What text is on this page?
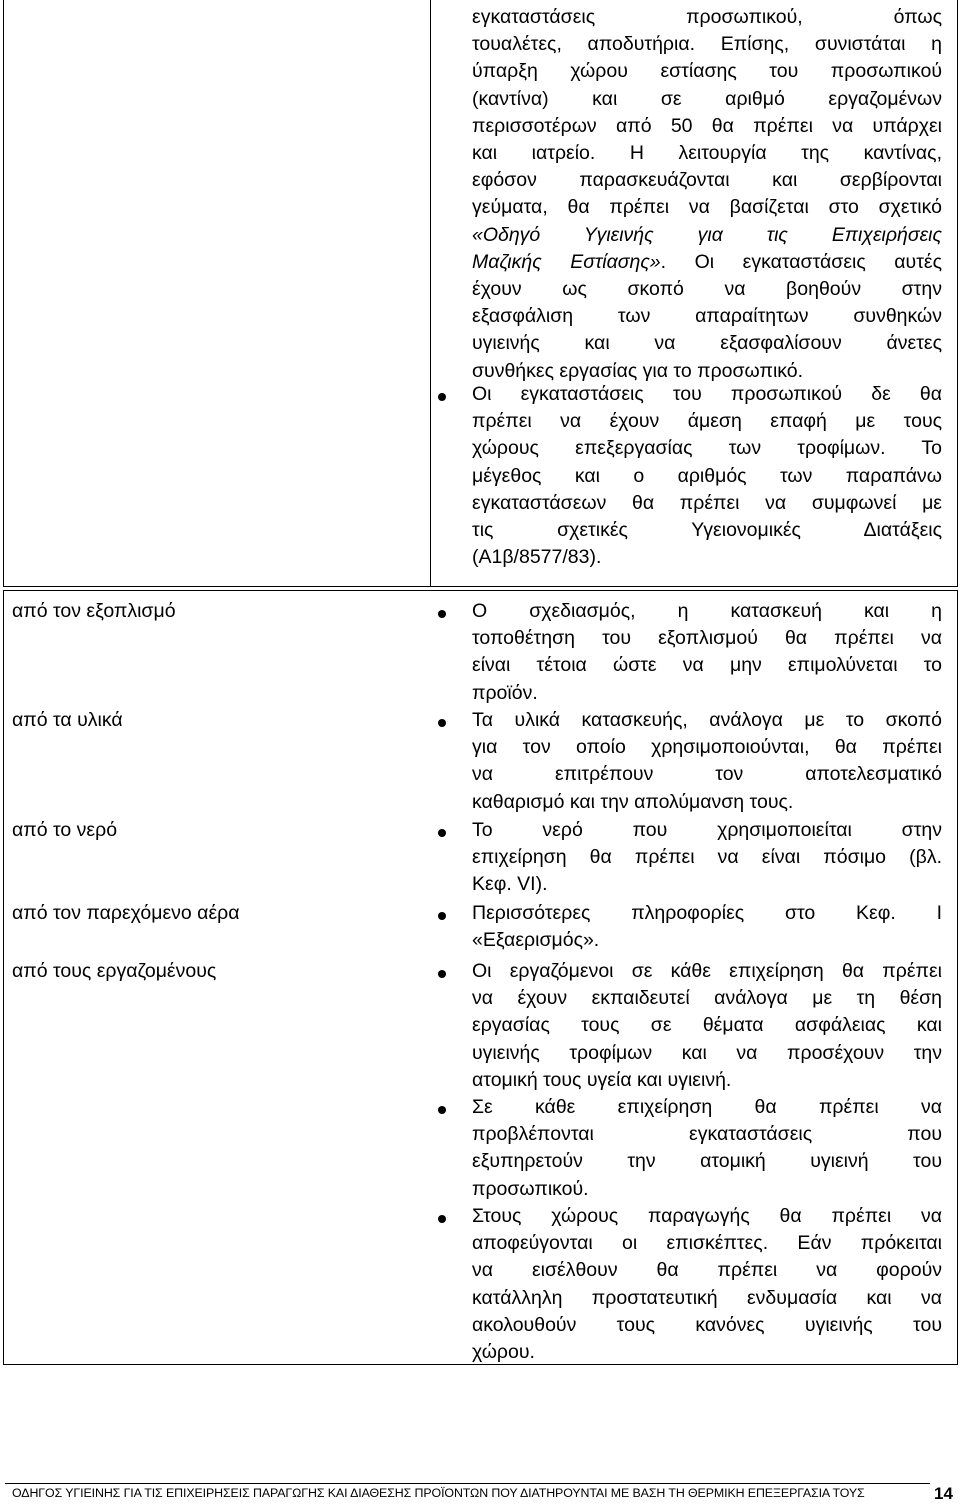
εγκαταστάσεις προσωπικού, όπως
τουαλέτες, αποδυτήρια. Επίσης, συνιστάται η
ύπαρξη χώρου εστίασης του προσωπικού
(καντίνα) και σε αριθμό εργαζομένων
περισσοτέρων από 50 θα πρέπει να υπάρχει
και ιατρείο. Η λειτουργία της καντίνας,
εφόσον παρασκευάζονται και σερβίρονται
γεύματα, θα πρέπει να βασίζεται στο σχετικό
«Οδηγό Υγιεινής για τις Επιχειρήσεις
Μαζικής Εστίασης». Οι εγκαταστάσεις αυτές
έχουν ως σκοπό να βοηθούν στην
εξασφάλιση των απαραίτητων συνθηκών
υγιεινής και να εξασφαλίσουν άνετες
συνθήκες εργασίας για το προσωπικό.
Οι εγκαταστάσεις του προσωπικού δε θα
πρέπει να έχουν άμεση επαφή με τους
χώρους επεξεργασίας των τροφίμων. Το
μέγεθος και ο αριθμός των παραπάνω
εγκαταστάσεων θα πρέπει να συμφωνεί με
τις σχετικές Υγειονομικές Διατάξεις
(Α1β/8577/83).
από τον εξοπλισμό	Ο σχεδιασμός, η κατασκευή και η
τοποθέτηση του εξοπλισμού θα πρέπει να
είναι τέτοια ώστε να μην επιμολύνεται το
προϊόν.
από τα υλικά	Τα υλικά κατασκευής, ανάλογα με το σκοπό
για τον οποίο χρησιμοποιούνται, θα πρέπει
να επιτρέπουν τον αποτελεσματικό
καθαρισμό και την απολύμανση τους.
από το νερό	Το νερό που χρησιμοποιείται στην
επιχείρηση θα πρέπει να είναι πόσιμο (βλ.
Κεφ. VI).
από τον παρεχόμενο αέρα	Περισσότερες πληροφορίες στο Κεφ. I
«Εξαερισμός».
από τους εργαζομένους	Οι εργαζόμενοι σε κάθε επιχείρηση θα πρέπει
να έχουν εκπαιδευτεί ανάλογα με τη θέση
εργασίας τους σε θέματα ασφάλειας και
υγιεινής τροφίμων και να προσέχουν την
ατομική τους υγεία και υγιεινή.
Σε κάθε επιχείρηση θα πρέπει να
προβλέπονται εγκαταστάσεις που
εξυπηρετούν την ατομική υγιεινή του
προσωπικού.
Στους χώρους παραγωγής θα πρέπει να
αποφεύγονται οι επισκέπτες. Εάν πρόκειται
να εισέλθουν θα πρέπει να φορούν
κατάλληλη προστατευτική ενδυμασία και να
ακολουθούν τους κανόνες υγιεινής του
χώρου.
ΟΔΗΓΟΣ ΥΓΙΕΙΝΗΣ ΓΙΑ ΤΙΣ ΕΠΙΧΕΙΡΗΣΕΙΣ ΠΑΡΑΓΩΓΗΣ ΚΑΙ ΔΙΑΘΕΣΗΣ ΠΡΟΪΟΝΤΩΝ ΠΟΥ ΔΙΑΤΗΡΟΥΝΤΑΙ ΜΕ ΒΑΣΗ ΤΗ ΘΕΡΜΙΚΗ ΕΠΕΞΕΡΓΑΣΙΑ ΤΟΥΣ	14
